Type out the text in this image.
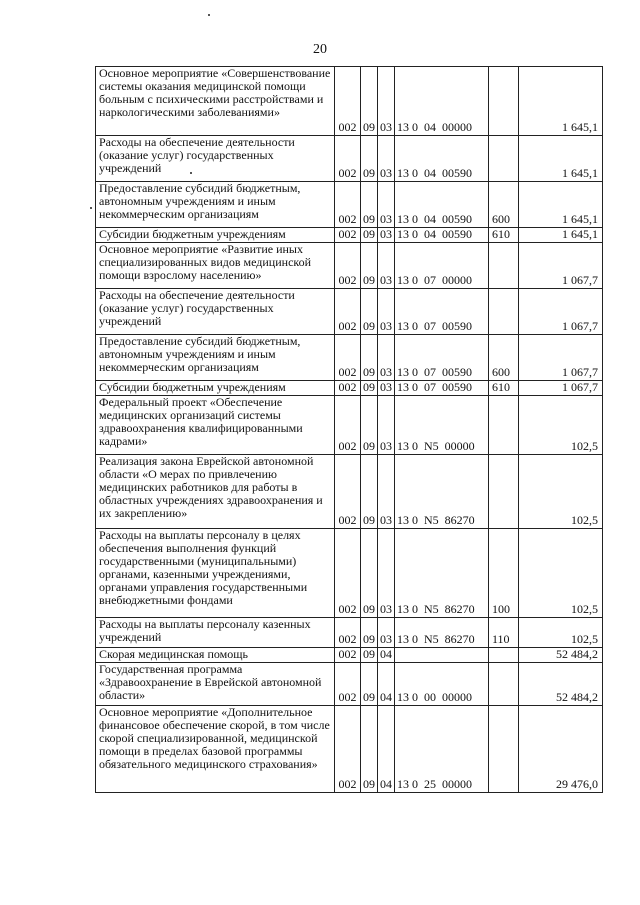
20
Основное мероприятие «Совершенствование системы оказания медицинской помощи больным с психическими расстройствами и наркологическими заболеваниями»	002	09	03	13 0  04  00000		1 645,1
Расходы на обеспечение деятельности (оказание услуг) государственных учреждений	002	09	03	13 0  04  00590		1 645,1
Предоставление субсидий бюджетным, автономным учреждениям и иным некоммерческим организациям	002	09	03	13 0  04  00590	600	1 645,1
Субсидии бюджетным учреждениям	002	09	03	13 0  04  00590	610	1 645,1
Основное мероприятие «Развитие иных специализированных видов медицинской помощи взрослому населению»	002	09	03	13 0  07  00000		1 067,7
Расходы на обеспечение деятельности (оказание услуг) государственных учреждений	002	09	03	13 0  07  00590		1 067,7
Предоставление субсидий бюджетным, автономным учреждениям и иным некоммерческим организациям	002	09	03	13 0  07  00590	600	1 067,7
Субсидии бюджетным учреждениям	002	09	03	13 0  07  00590	610	1 067,7
Федеральный проект «Обеспечение медицинских организаций системы здравоохранения квалифицированными кадрами»	002	09	03	13 0  N5  00000		102,5
Реализация закона Еврейской автономной области «О мерах по привлечению медицинских работников для работы в областных учреждениях здравоохранения и их закреплению»	002	09	03	13 0  N5  86270		102,5
Расходы на выплаты персоналу в целях обеспечения выполнения функций государственными (муниципальными) органами, казенными учреждениями, органами управления государственными внебюджетными фондами	002	09	03	13 0  N5  86270	100	102,5
Расходы на выплаты персоналу казенных учреждений	002	09	03	13 0  N5  86270	110	102,5
Скорая медицинская помощь	002	09	04			52 484,2
Государственная программа «Здравоохранение в Еврейской автономной области»	002	09	04	13 0  00  00000		52 484,2
Основное мероприятие «Дополнительное финансовое обеспечение скорой, в том числе скорой специализированной, медицинской помощи в пределах базовой программы обязательного медицинского страхования»	002	09	04	13 0  25  00000		29 476,0
